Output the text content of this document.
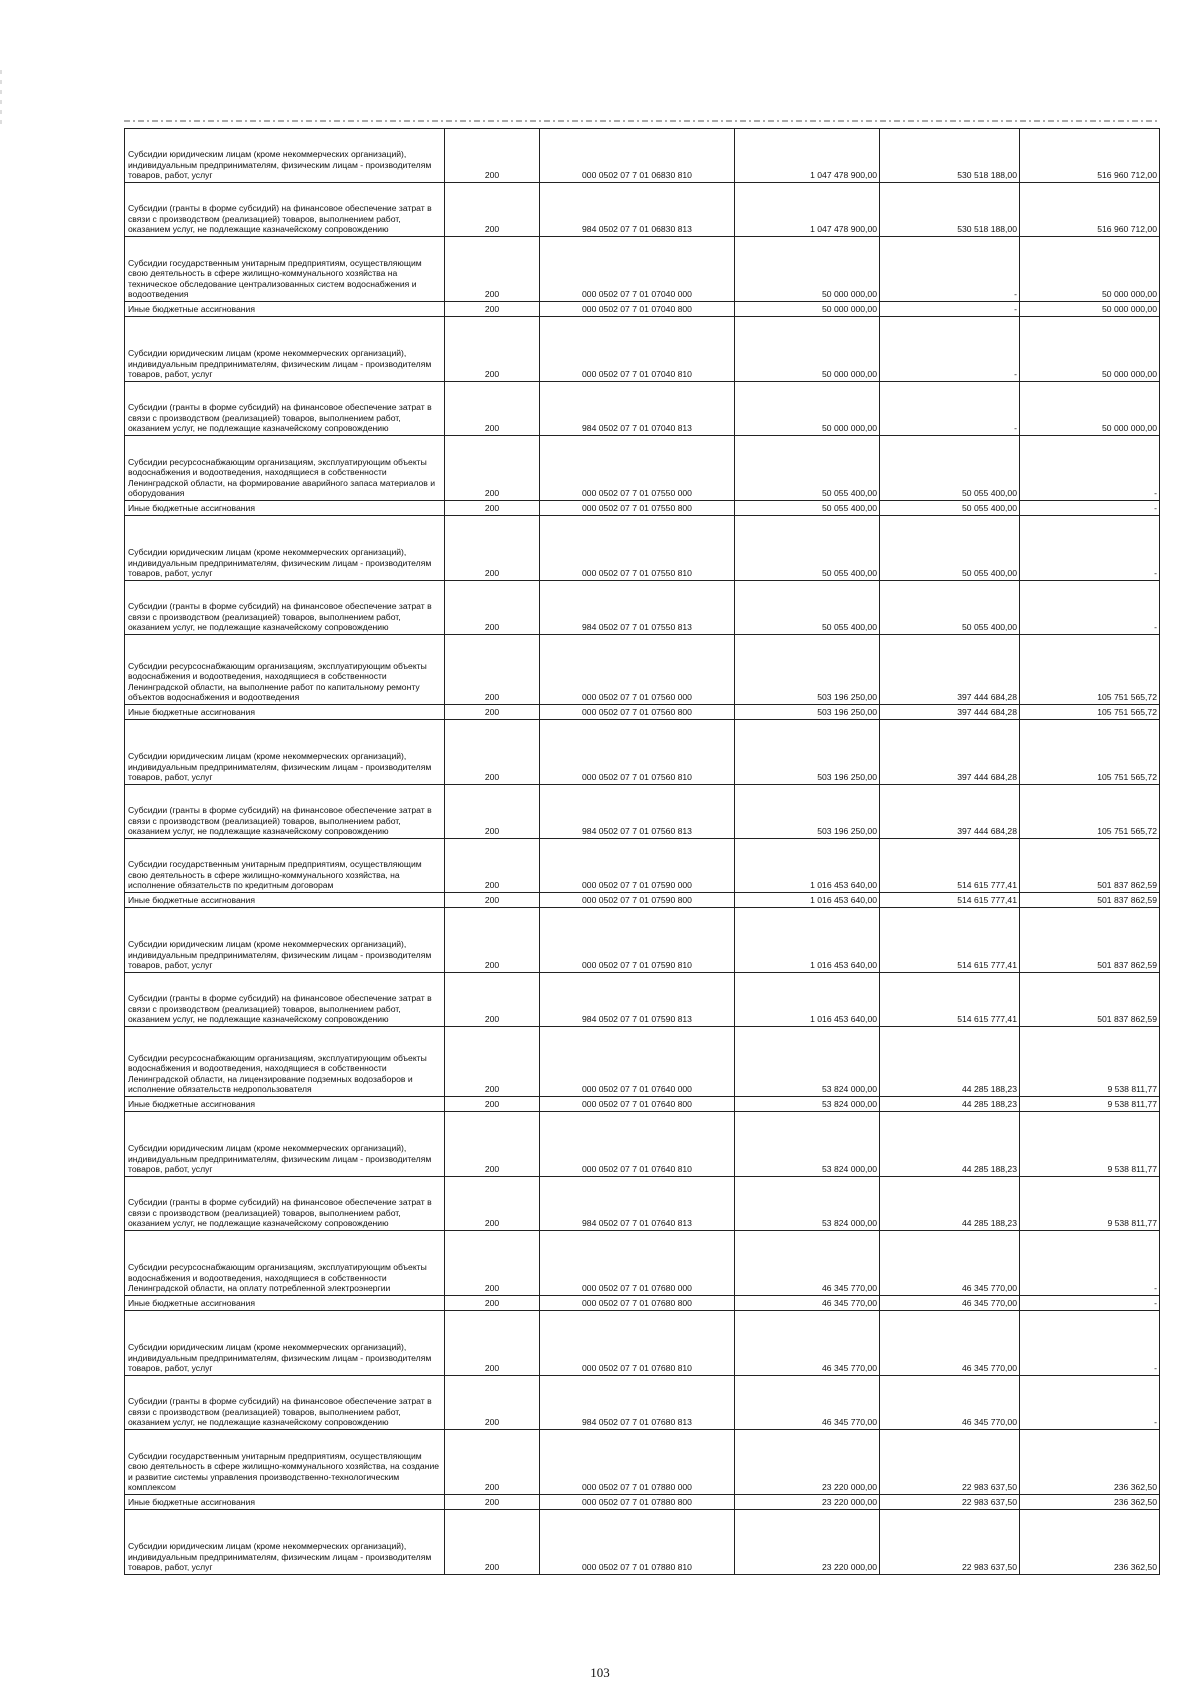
Субсидии юридическим лицам (кроме некоммерческих организаций), индивидуальным предпринимателям, физическим лицам - производителям товаров, работ, услуг	200	000 0502 07 7 01 06830 810	1 047 478 900,00	530 518 188,00	516 960 712,00
Субсидии (гранты в форме субсидий) на финансовое обеспечение затрат в связи с производством (реализацией) товаров, выполнением работ, оказанием услуг, не подлежащие казначейскому сопровождению	200	984 0502 07 7 01 06830 813	1 047 478 900,00	530 518 188,00	516 960 712,00
Субсидии государственным унитарным предприятиям, осуществляющим свою деятельность в сфере жилищно-коммунального хозяйства на техническое обследование централизованных систем водоснабжения и водоотведения	200	000 0502 07 7 01 07040 000	50 000 000,00	-	50 000 000,00
Иные бюджетные ассигнования	200	000 0502 07 7 01 07040 800	50 000 000,00	-	50 000 000,00
Субсидии юридическим лицам (кроме некоммерческих организаций), индивидуальным предпринимателям, физическим лицам - производителям товаров, работ, услуг	200	000 0502 07 7 01 07040 810	50 000 000,00	-	50 000 000,00
Субсидии (гранты в форме субсидий) на финансовое обеспечение затрат в связи с производством (реализацией) товаров, выполнением работ, оказанием услуг, не подлежащие казначейскому сопровождению	200	984 0502 07 7 01 07040 813	50 000 000,00	-	50 000 000,00
Субсидии ресурсоснабжающим организациям, эксплуатирующим объекты водоснабжения и водоотведения, находящиеся в собственности Ленинградской области, на формирование аварийного запаса материалов и оборудования	200	000 0502 07 7 01 07550 000	50 055 400,00	50 055 400,00	-
Иные бюджетные ассигнования	200	000 0502 07 7 01 07550 800	50 055 400,00	50 055 400,00	-
Субсидии юридическим лицам (кроме некоммерческих организаций), индивидуальным предпринимателям, физическим лицам - производителям товаров, работ, услуг	200	000 0502 07 7 01 07550 810	50 055 400,00	50 055 400,00	-
Субсидии (гранты в форме субсидий) на финансовое обеспечение затрат в связи с производством (реализацией) товаров, выполнением работ, оказанием услуг, не подлежащие казначейскому сопровождению	200	984 0502 07 7 01 07550 813	50 055 400,00	50 055 400,00	-
Субсидии ресурсоснабжающим организациям, эксплуатирующим объекты водоснабжения и водоотведения, находящиеся в собственности Ленинградской области, на выполнение работ по капитальному ремонту объектов водоснабжения и водоотведения	200	000 0502 07 7 01 07560 000	503 196 250,00	397 444 684,28	105 751 565,72
Иные бюджетные ассигнования	200	000 0502 07 7 01 07560 800	503 196 250,00	397 444 684,28	105 751 565,72
Субсидии юридическим лицам (кроме некоммерческих организаций), индивидуальным предпринимателям, физическим лицам - производителям товаров, работ, услуг	200	000 0502 07 7 01 07560 810	503 196 250,00	397 444 684,28	105 751 565,72
Субсидии (гранты в форме субсидий) на финансовое обеспечение затрат в связи с производством (реализацией) товаров, выполнением работ, оказанием услуг, не подлежащие казначейскому сопровождению	200	984 0502 07 7 01 07560 813	503 196 250,00	397 444 684,28	105 751 565,72
Субсидии государственным унитарным предприятиям, осуществляющим свою деятельность в сфере жилищно-коммунального хозяйства, на исполнение обязательств по кредитным договорам	200	000 0502 07 7 01 07590 000	1 016 453 640,00	514 615 777,41	501 837 862,59
Иные бюджетные ассигнования	200	000 0502 07 7 01 07590 800	1 016 453 640,00	514 615 777,41	501 837 862,59
Субсидии юридическим лицам (кроме некоммерческих организаций), индивидуальным предпринимателям, физическим лицам - производителям товаров, работ, услуг	200	000 0502 07 7 01 07590 810	1 016 453 640,00	514 615 777,41	501 837 862,59
Субсидии (гранты в форме субсидий) на финансовое обеспечение затрат в связи с производством (реализацией) товаров, выполнением работ, оказанием услуг, не подлежащие казначейскому сопровождению	200	984 0502 07 7 01 07590 813	1 016 453 640,00	514 615 777,41	501 837 862,59
Субсидии ресурсоснабжающим организациям, эксплуатирующим объекты водоснабжения и водоотведения, находящиеся в собственности Ленинградской области, на лицензирование подземных водозаборов и исполнение обязательств недропользователя	200	000 0502 07 7 01 07640 000	53 824 000,00	44 285 188,23	9 538 811,77
Иные бюджетные ассигнования	200	000 0502 07 7 01 07640 800	53 824 000,00	44 285 188,23	9 538 811,77
Субсидии юридическим лицам (кроме некоммерческих организаций), индивидуальным предпринимателям, физическим лицам - производителям товаров, работ, услуг	200	000 0502 07 7 01 07640 810	53 824 000,00	44 285 188,23	9 538 811,77
Субсидии (гранты в форме субсидий) на финансовое обеспечение затрат в связи с производством (реализацией) товаров, выполнением работ, оказанием услуг, не подлежащие казначейскому сопровождению	200	984 0502 07 7 01 07640 813	53 824 000,00	44 285 188,23	9 538 811,77
Субсидии ресурсоснабжающим организациям, эксплуатирующим объекты водоснабжения и водоотведения, находящиеся в собственности Ленинградской области, на оплату потребленной электроэнергии	200	000 0502 07 7 01 07680 000	46 345 770,00	46 345 770,00	-
Иные бюджетные ассигнования	200	000 0502 07 7 01 07680 800	46 345 770,00	46 345 770,00	-
Субсидии юридическим лицам (кроме некоммерческих организаций), индивидуальным предпринимателям, физическим лицам - производителям товаров, работ, услуг	200	000 0502 07 7 01 07680 810	46 345 770,00	46 345 770,00	-
Субсидии (гранты в форме субсидий) на финансовое обеспечение затрат в связи с производством (реализацией) товаров, выполнением работ, оказанием услуг, не подлежащие казначейскому сопровождению	200	984 0502 07 7 01 07680 813	46 345 770,00	46 345 770,00	-
Субсидии государственным унитарным предприятиям, осуществляющим свою деятельность в сфере жилищно-коммунального хозяйства, на создание и развитие системы управления производственно-технологическим комплексом	200	000 0502 07 7 01 07880 000	23 220 000,00	22 983 637,50	236 362,50
Иные бюджетные ассигнования	200	000 0502 07 7 01 07880 800	23 220 000,00	22 983 637,50	236 362,50
Субсидии юридическим лицам (кроме некоммерческих организаций), индивидуальным предпринимателям, физическим лицам - производителям товаров, работ, услуг	200	000 0502 07 7 01 07880 810	23 220 000,00	22 983 637,50	236 362,50
103
